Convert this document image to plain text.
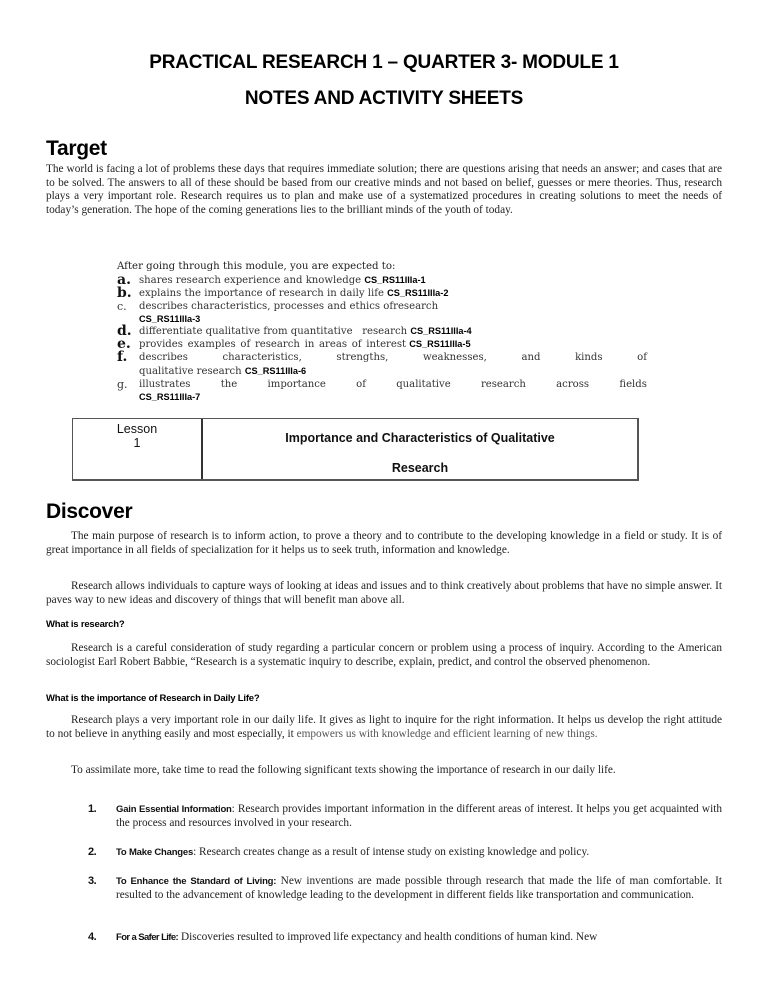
PRACTICAL RESEARCH 1 – QUARTER 3- MODULE 1
NOTES AND ACTIVITY SHEETS
Target
The world is facing a lot of problems these days that requires immediate solution; there are questions arising that needs an answer; and cases that are to be solved. The answers to all of these should be based from our creative minds and not based on belief, guesses or mere theories. Thus, research plays a very important role. Research requires us to plan and make use of a systematized procedures in creating solutions to meet the needs of today’s generation. The hope of the coming generations lies to the brilliant minds of the youth of today.
After going through this module, you are expected to:
a. shares research experience and knowledge CS_RS11IIIa-1
b. explains the importance of research in daily life CS_RS11IIIa-2
c. describes characteristics, processes and ethics ofresearch
CS_RS11IIIa-3
d. differentiate qualitative from quantitative   research CS_RS11IIIa-4
e. provides examples of research in areas of interest CS_RS11IIIa-5
f. describes	characteristics,	strengths,	weaknesses,	and	kinds	of
qualitative research CS_RS11IIIa-6
g. illustrates	the	importance	of	qualitative	research	across	fields
CS_RS11IIIa-7
Lesson
1	Importance and Characteristics of Qualitative
Research
Discover
The main purpose of research is to inform action, to prove a theory and to contribute to the developing knowledge in a field or study. It is of great importance in all fields of specialization for it helps us to seek truth, information and knowledge.
Research allows individuals to capture ways of looking at ideas and issues and to think creatively about problems that have no simple answer. It paves way to new ideas and discovery of things that will benefit man above all.
What is research?
Research is a careful consideration of study regarding a particular concern or problem using a process of inquiry. According to the American sociologist Earl Robert Babbie, “Research is a systematic inquiry to describe, explain, predict, and control the observed phenomenon.
What is the importance of Research in Daily Life?
Research plays a very important role in our daily life. It gives as light to inquire for the right information. It helps us develop the right attitude to not believe in anything easily and most especially, it empowers us with knowledge and efficient learning of new things.
To assimilate more, take time to read the following significant texts showing the importance of research in our daily life.
1. Gain Essential Information: Research provides important information in the different areas of interest. It helps you get acquainted with the process and resources involved in your research.
2. To Make Changes: Research creates change as a result of intense study on existing knowledge and policy.
3. To Enhance the Standard of Living: New inventions are made possible through research that made the life of man comfortable. It resulted to the advancement of knowledge leading to the development in different fields like transportation and communication.
4. For a Safer Life: Discoveries resulted to improved life expectancy and health conditions of human kind. New
